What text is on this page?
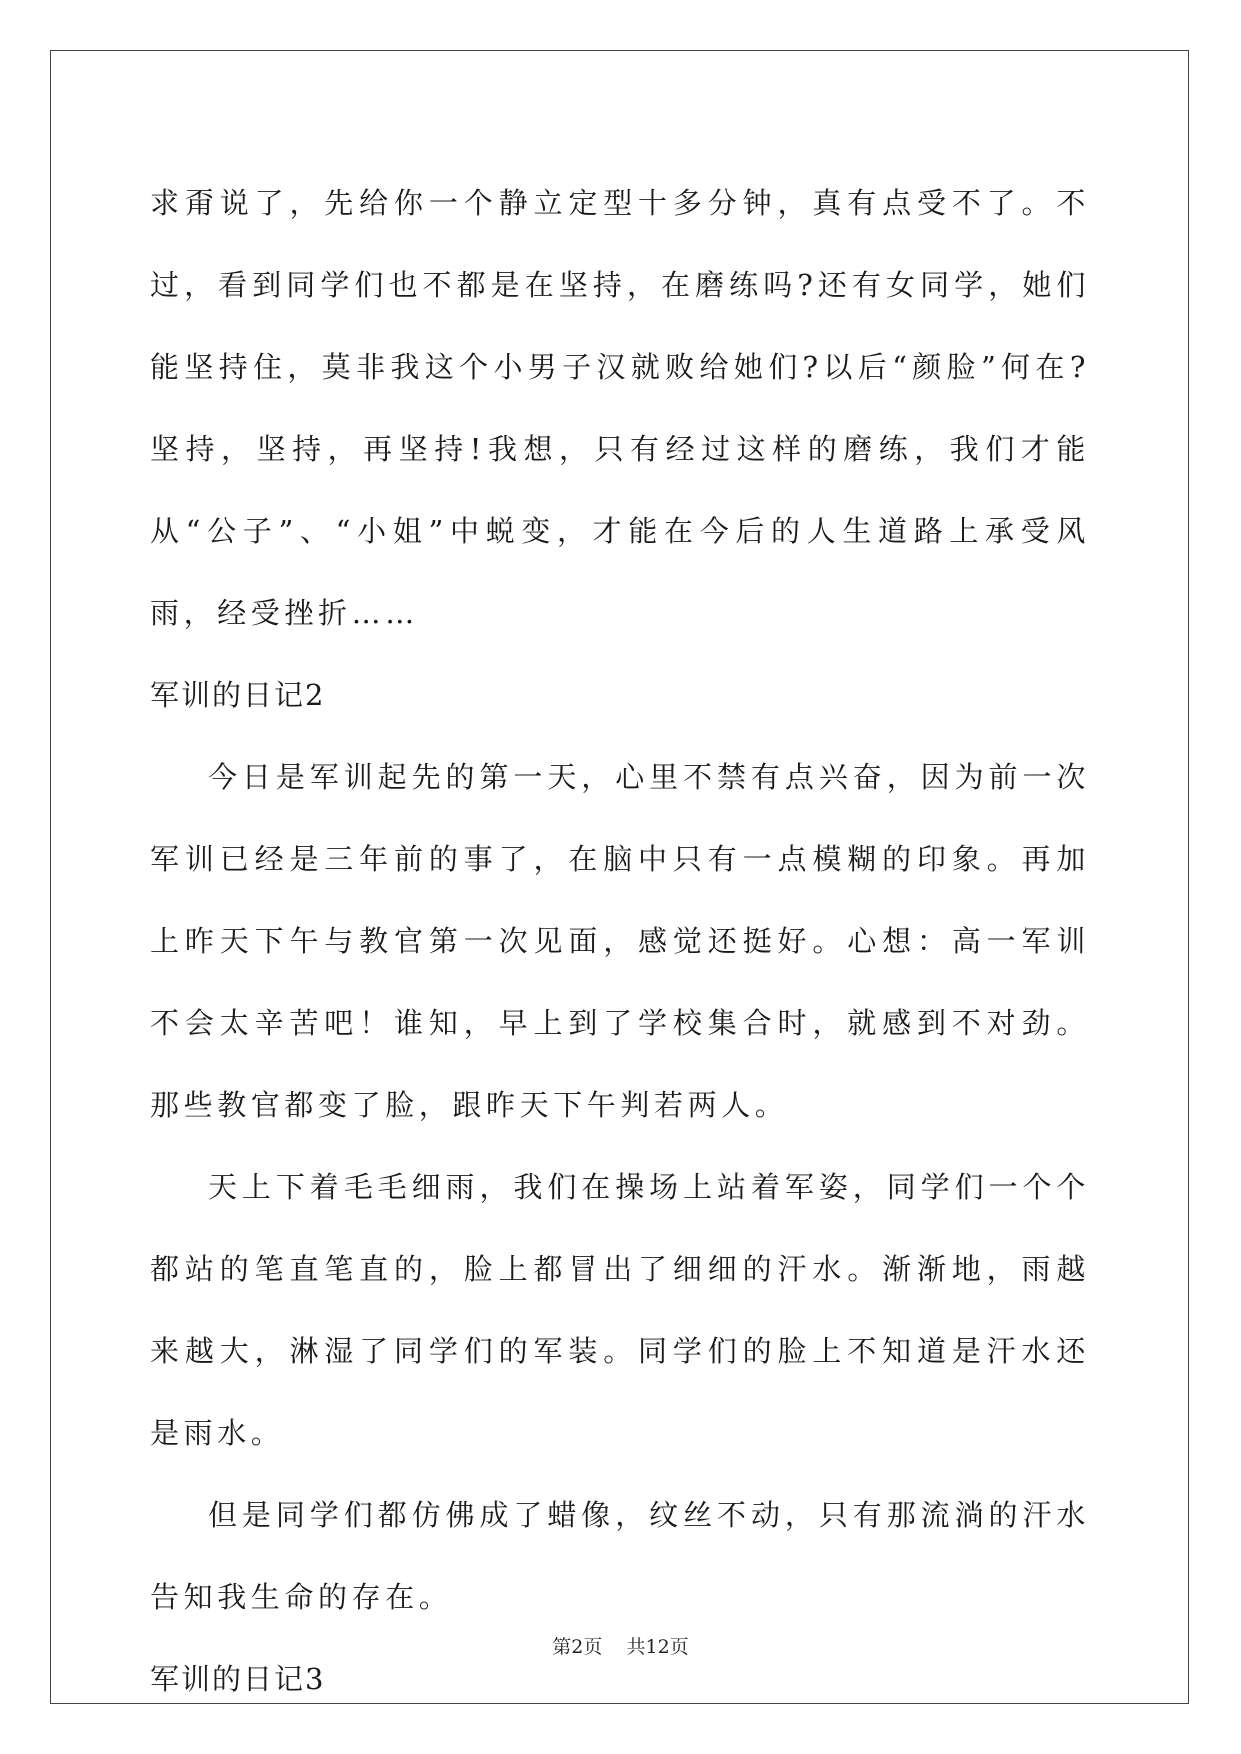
求甭说了，先给你一个静立定型十多分钟，真有点受不了。不过，看到同学们也不都是在坚持，在磨练吗?还有女同学，她们能坚持住，莫非我这个小男子汉就败给她们?以后“颜脸”何在?坚持，坚持，再坚持!我想，只有经过这样的磨练，我们才能从“公子”、“小姐”中蜕变，才能在今后的人生道路上承受风雨，经受挫折……

军训的日记2

今日是军训起先的第一天，心里不禁有点兴奋，因为前一次军训已经是三年前的事了，在脑中只有一点模糊的印象。再加上昨天下午与教官第一次见面，感觉还挺好。心想：高一军训不会太辛苦吧！谁知，早上到了学校集合时，就感到不对劲。那些教官都变了脸，跟昨天下午判若两人。

天上下着毛毛细雨，我们在操场上站着军姿，同学们一个个都站的笔直笔直的，脸上都冒出了细细的汗水。渐渐地，雨越来越大，淋湿了同学们的军装。同学们的脸上不知道是汗水还是雨水。

但是同学们都仿佛成了蜡像，纹丝不动，只有那流淌的汗水告知我生命的存在。

军训的日记3
第2页    共12页
